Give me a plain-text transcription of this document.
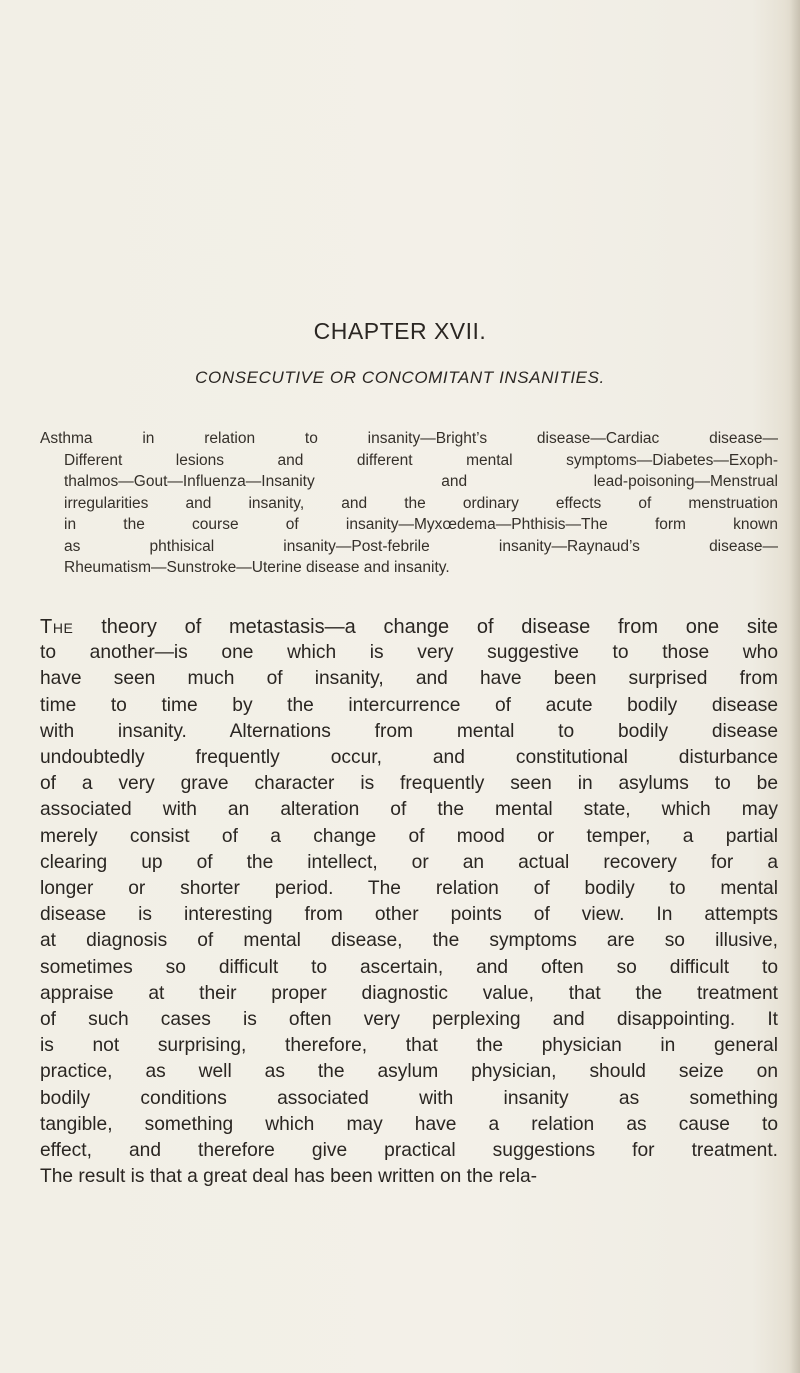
CHAPTER XVII.
CONSECUTIVE OR CONCOMITANT INSANITIES.
Asthma in relation to insanity—Bright’s disease—Cardiac disease—
Different lesions and different mental symptoms—Diabetes—Exoph-
thalmos—Gout—Influenza—Insanity and lead-poisoning—Menstrual
irregularities and insanity, and the ordinary effects of menstruation
in the course of insanity—Myxœdema—Phthisis—The form known
as phthisical insanity—Post-febrile insanity—Raynaud’s disease—
Rheumatism—Sunstroke—Uterine disease and insanity.
The theory of metastasis—a change of disease from one site
to another—is one which is very suggestive to those who
have seen much of insanity, and have been surprised from
time to time by the intercurrence of acute bodily disease
with insanity. Alternations from mental to bodily disease
undoubtedly frequently occur, and constitutional disturbance
of a very grave character is frequently seen in asylums to be
associated with an alteration of the mental state, which may
merely consist of a change of mood or temper, a partial
clearing up of the intellect, or an actual recovery for a
longer or shorter period. The relation of bodily to mental
disease is interesting from other points of view. In attempts
at diagnosis of mental disease, the symptoms are so illusive,
sometimes so difficult to ascertain, and often so difficult to
appraise at their proper diagnostic value, that the treatment
of such cases is often very perplexing and disappointing. It
is not surprising, therefore, that the physician in general
practice, as well as the asylum physician, should seize on
bodily conditions associated with insanity as something
tangible, something which may have a relation as cause to
effect, and therefore give practical suggestions for treatment.
The result is that a great deal has been written on the rela-
